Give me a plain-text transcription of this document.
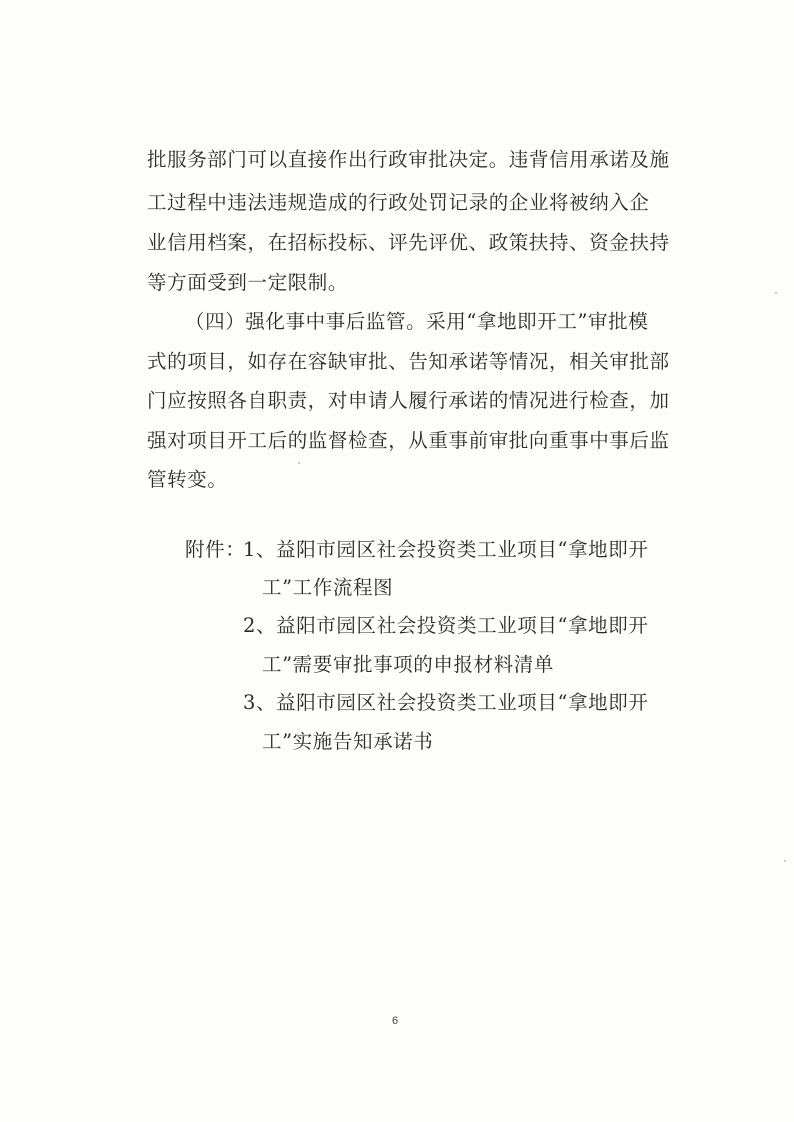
批服务部门可以直接作出行政审批决定。违背信用承诺及施
工过程中违法违规造成的行政处罚记录的企业将被纳入企
业信用档案，在招标投标、评先评优、政策扶持、资金扶持
等方面受到一定限制。
（四）强化事中事后监管。采用“拿地即开工”审批模
式的项目，如存在容缺审批、告知承诺等情况，相关审批部
门应按照各自职责，对申请人履行承诺的情况进行检查，加
强对项目开工后的监督检查，从重事前审批向重事中事后监
管转变。
附件：
1、益阳市园区社会投资类工业项目“拿地即开
工”工作流程图
2、益阳市园区社会投资类工业项目“拿地即开
工”需要审批事项的申报材料清单
3、益阳市园区社会投资类工业项目“拿地即开
工”实施告知承诺书
6
